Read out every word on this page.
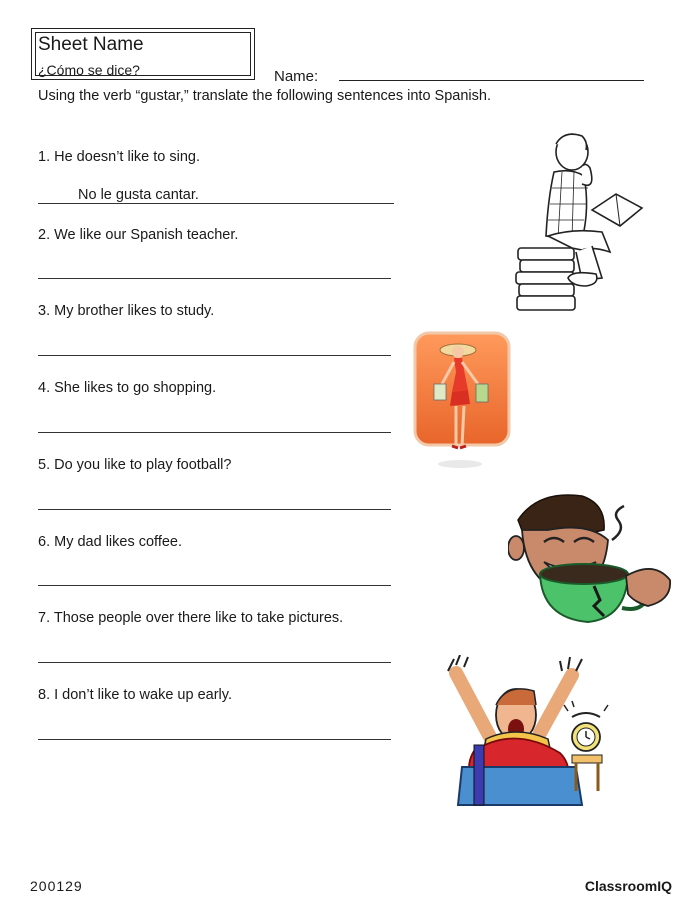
Sheet Name
¿Cómo se dice?	Name:
Using the verb “gustar,” translate the following sentences into Spanish.
1. He doesn’t like to sing.
No le gusta cantar.
2. We like our Spanish teacher.
3. My brother likes to study.
4. She likes to go shopping.
5. Do you like to play football?
6. My dad likes coffee.
7. Those people over there like to take pictures.
8. I don’t like to wake up early.
200129	ClassroomIQ
